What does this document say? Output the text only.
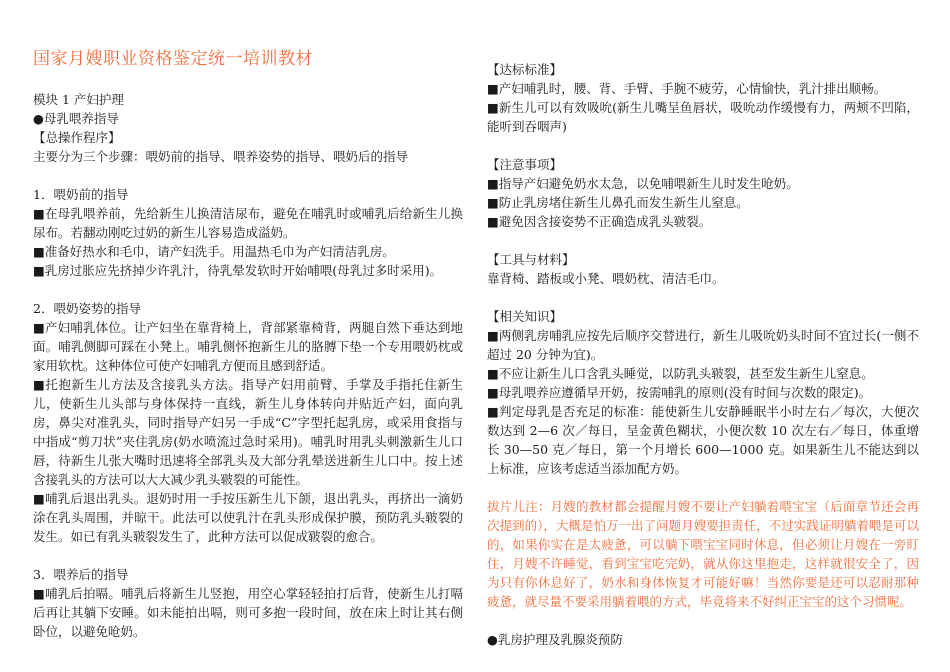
国家月嫂职业资格鉴定统一培训教材

模块 1 产妇护理

●母乳喂养指导

【总操作程序】

主要分为三个步骤：喂奶前的指导、喂养姿势的指导、喂奶后的指导

1．喂奶前的指导

■在母乳喂养前，先给新生儿换清洁尿布，避免在哺乳时或哺乳后给新生儿换尿布。若翻动刚吃过奶的新生儿容易造成溢奶。

■准备好热水和毛巾，请产妇洗手。用温热毛巾为产妇清洁乳房。

■乳房过胀应先挤掉少许乳汁，待乳晕发软时开始哺喂(母乳过多时采用)。

2．喂奶姿势的指导

■产妇哺乳体位。让产妇坐在靠背椅上，背部紧靠椅背，两腿自然下垂达到地面。哺乳侧脚可踩在小凳上。哺乳侧怀抱新生儿的胳膊下垫一个专用喂奶枕或家用软枕。这种体位可使产妇哺乳方便而且感到舒适。

■托抱新生儿方法及含接乳头方法。指导产妇用前臂、手掌及手指托住新生儿，使新生儿头部与身体保持一直线，新生儿身体转向并贴近产妇，面向乳房，鼻尖对准乳头，同时指导产妇另一手成“C”字型托起乳房，或采用食指与中指成“剪刀状”夹住乳房(奶水喷流过急时采用)。哺乳时用乳头刺激新生儿口唇，待新生儿张大嘴时迅速将全部乳头及大部分乳晕送进新生儿口中。按上述含接乳头的方法可以大大减少乳头皲裂的可能性。

■哺乳后退出乳头。退奶时用一手按压新生儿下颌，退出乳头，再挤出一滴奶涂在乳头周围，并晾干。此法可以使乳汁在乳头形成保护膜，预防乳头皲裂的发生。如已有乳头皲裂发生了，此种方法可以促成皲裂的愈合。

3．喂养后的指导

■哺乳后拍嗝。哺乳后将新生儿竖抱，用空心掌轻轻拍打后背，使新生儿打嗝后再让其躺下安睡。如未能拍出嗝，则可多抱一段时间，放在床上时让其右侧卧位，以避免呛奶。

【达标标准】

■产妇哺乳时，腰、背、手臂、手腕不疲劳，心情愉快，乳汁排出顺畅。

■新生儿可以有效吸吮(新生儿嘴呈鱼唇状，吸吮动作缓慢有力，两颊不凹陷，能听到吞咽声)

【注意事项】

■指导产妇避免奶水太急，以免哺喂新生儿时发生呛奶。

■防止乳房堵住新生儿鼻孔而发生新生儿窒息。

■避免因含接姿势不正确造成乳头皲裂。

【工具与材料】

靠背椅、踏板或小凳、喂奶枕、清洁毛巾。

【相关知识】

■两侧乳房哺乳应按先后顺序交替进行，新生儿吸吮奶头时间不宜过长(一侧不超过 20 分钟为宜)。

■不应让新生儿口含乳头睡觉，以防乳头皲裂，甚至发生新生儿窒息。

■母乳喂养应遵循早开奶，按需哺乳的原则(没有时间与次数的限定)。

■判定母乳是否充足的标准：能使新生儿安静睡眠半小时左右／每次，大便次数达到 2—6 次／每日，呈金黄色糊状，小便次数 10 次左右／每日，体重增长 30—50 克／每日，第一个月增长 600—1000 克。如果新生儿不能达到以上标准，应该考虑适当添加配方奶。

拔片儿注：月嫂的教材都会提醒月嫂不要让产妇躺着喂宝宝（后面章节还会再次提到的），大概是怕万一出了问题月嫂要担责任，不过实践证明躺着喂是可以的，如果你实在是太疲惫，可以躺下喂宝宝同时休息，但必须让月嫂在一旁盯住，月嫂不许睡觉，看到宝宝吃完奶，就从你这里抱走，这样就很安全了，因为只有你休息好了，奶水和身体恢复才可能好嘛！当然你要是还可以忍耐那种疲惫，就尽量不要采用躺着喂的方式，毕竟将来不好纠正宝宝的这个习惯呢。

●乳房护理及乳腺炎预防
